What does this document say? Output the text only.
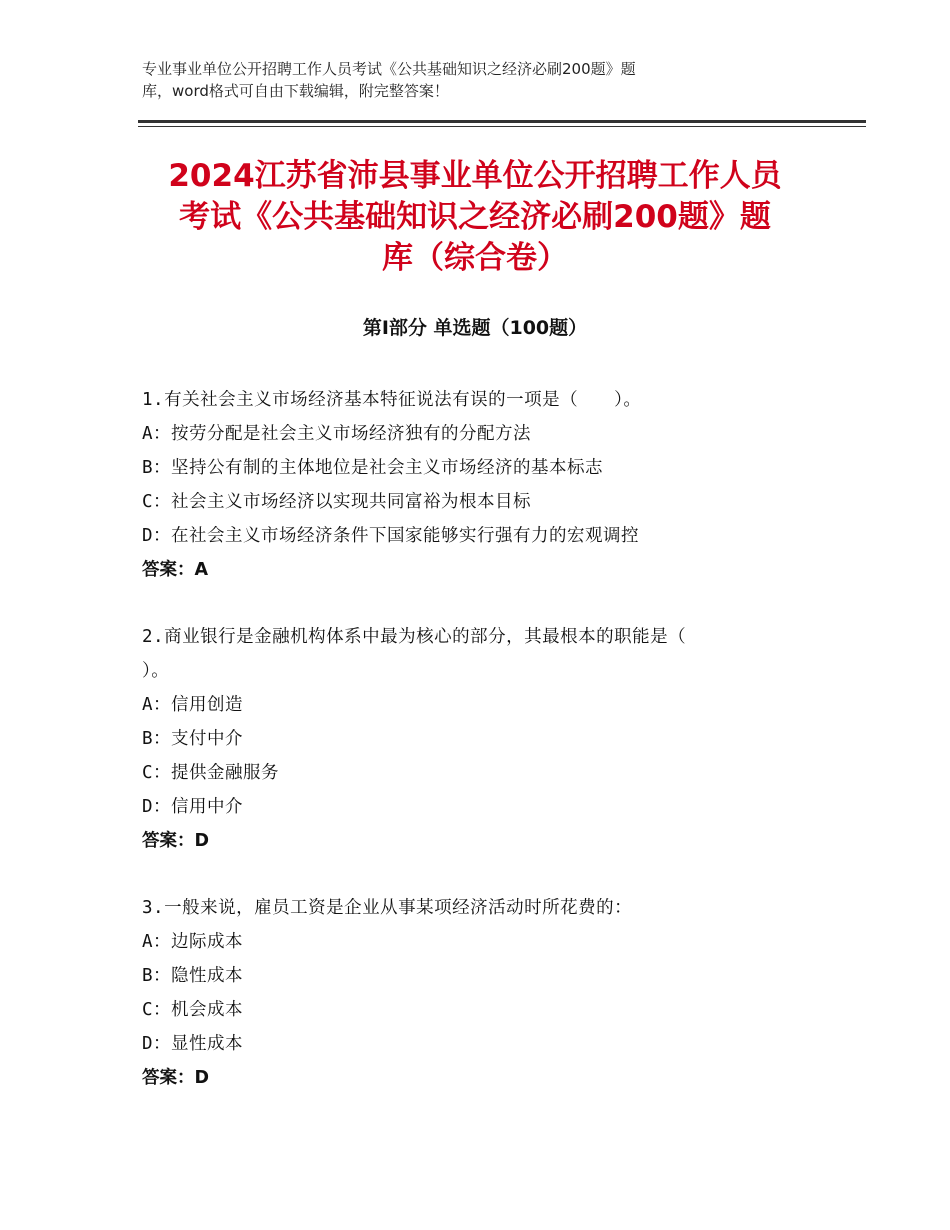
专业事业单位公开招聘工作人员考试《公共基础知识之经济必刷200题》题
库，word格式可自由下载编辑，附完整答案！
2024江苏省沛县事业单位公开招聘工作人员
考试《公共基础知识之经济必刷200题》题
库（综合卷）
第Ⅰ部分 单选题（100题）
1.有关社会主义市场经济基本特征说法有误的一项是（　　）。
A：按劳分配是社会主义市场经济独有的分配方法
B：坚持公有制的主体地位是社会主义市场经济的基本标志
C：社会主义市场经济以实现共同富裕为根本目标
D：在社会主义市场经济条件下国家能够实行强有力的宏观调控
答案：A
2.商业银行是金融机构体系中最为核心的部分，其最根本的职能是（
）。
A：信用创造
B：支付中介
C：提供金融服务
D：信用中介
答案：D
3.一般来说，雇员工资是企业从事某项经济活动时所花费的：
A：边际成本
B：隐性成本
C：机会成本
D：显性成本
答案：D
